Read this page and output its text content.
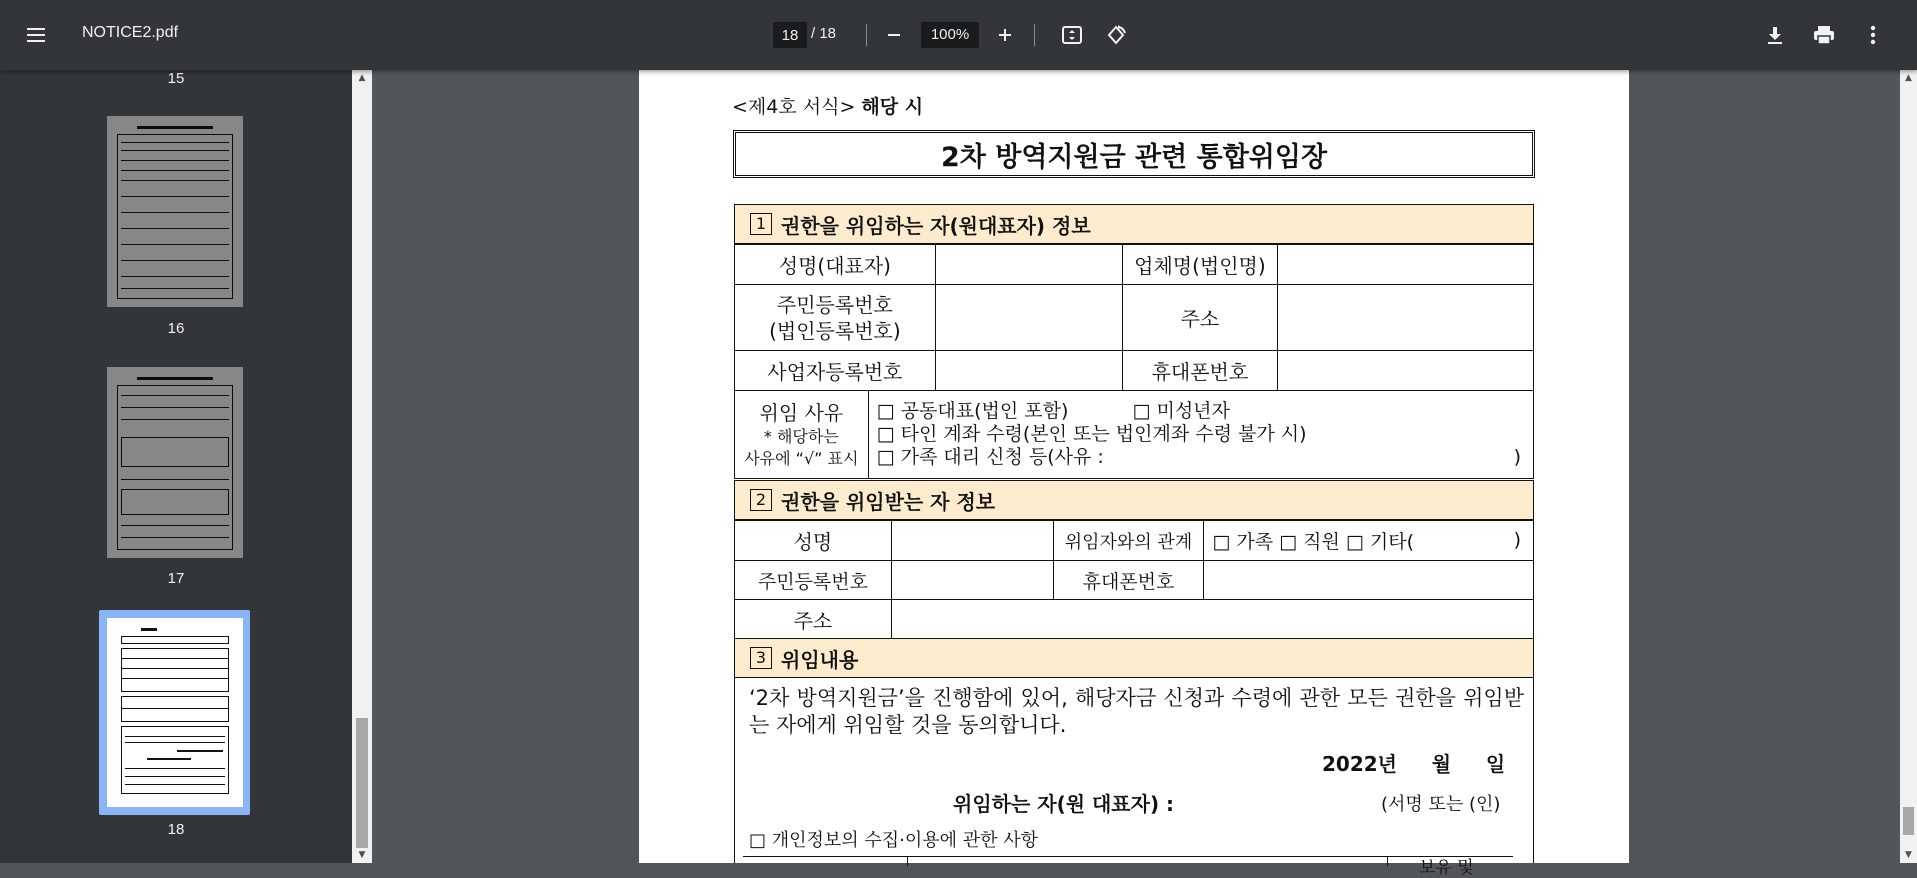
NOTICE2.pdf
18	/ 18	100%
15
16
17
18
▲
▼
<제4호 서식> 해당 시
2차 방역지원금 관련 통합위임장
1 권한을 위임하는 자(원대표자) 정보
성명(대표자)		업체명(법인명)	
주민등록번호
(법인등록번호)		주소	
사업자등록번호		휴대폰번호	
위임 사유
* 해당하는
사유에 “√” 표시

□ 공동대표(법인 포함)	□ 미성년자
□ 타인 계좌 수령(본인 또는 법인계좌 수령 불가 시)
□ 가족 대리 신청 등(사유 :	)
2 권한을 위임받는 자 정보
성명		위임자와의 관계	□ 가족 □ 직원 □ 기타( )

주민등록번호		휴대폰번호	
주소	
3 위임내용
‘2차 방역지원금’을 진행함에 있어, 해당자금 신청과 수령에 관한 모든 권한을 위임받는 자에게 위임할 것을 동의합니다.
2022년     월     일
위임하는 자(원 대표자) :	(서명 또는 (인)
□ 개인정보의 수집·이용에 관한 사항
보유 및
▲
▼
